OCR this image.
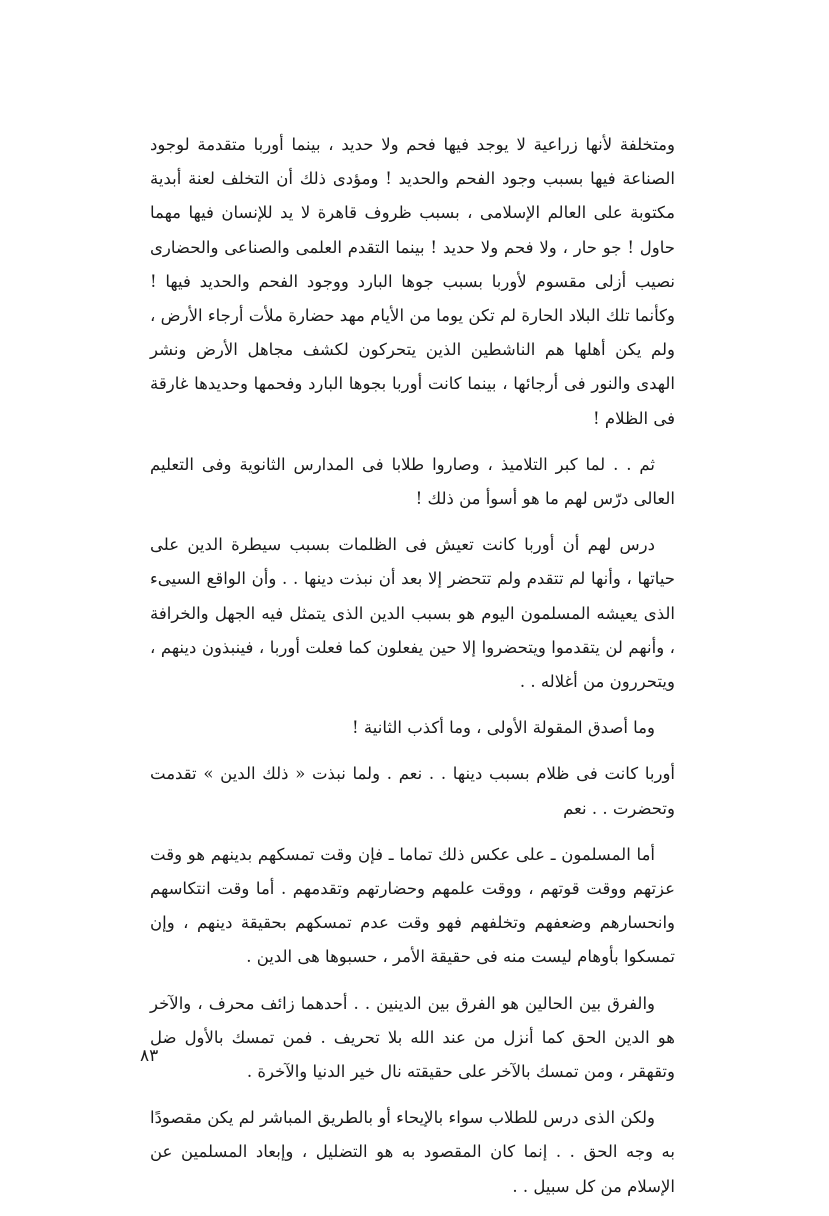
ومتخلفة لأنها زراعية لا يوجد فيها فحم ولا حديد ، بينما أوربا متقدمة لوجود الصناعة فيها بسبب وجود الفحم والحديد ! ومؤدى ذلك أن التخلف لعنة أبدية مكتوبة على العالم الإسلامى ، بسبب ظروف قاهرة لا يد للإنسان فيها مهما حاول ! جو حار ، ولا فحم ولا حديد ! بينما التقدم العلمى والصناعى والحضارى نصيب أزلى مقسوم لأوربا بسبب جوها البارد ووجود الفحم والحديد فيها ! وكأنما تلك البلاد الحارة لم تكن يوما من الأيام مهد حضارة ملأت أرجاء الأرض ، ولم يكن أهلها هم الناشطين الذين يتحركون لكشف مجاهل الأرض ونشر الهدى والنور فى أرجائها ، بينما كانت أوربا بجوها البارد وفحمها وحديدها غارقة فى الظلام !

ثم . . لما كبر التلاميذ ، وصاروا طلابا فى المدارس الثانوية وفى التعليم العالى درّس لهم ما هو أسوأ من ذلك !

درس لهم أن أوربا كانت تعيش فى الظلمات بسبب سيطرة الدين على حياتها ، وأنها لم تتقدم ولم تتحضر إلا بعد أن نبذت دينها . . وأن الواقع السيىء الذى يعيشه المسلمون اليوم هو بسبب الدين الذى يتمثل فيه الجهل والخرافة ، وأنهم لن يتقدموا ويتحضروا إلا حين يفعلون كما فعلت أوربا ، فينبذون دينهم ، ويتحررون من أغلاله . .

وما أصدق المقولة الأولى ، وما أكذب الثانية !

أوربا كانت فى ظلام بسبب دينها . . نعم . ولما نبذت « ذلك الدين » تقدمت وتحضرت . . نعم

أما المسلمون ـ على عكس ذلك تماما ـ فإن وقت تمسكهم بدينهم هو وقت عزتهم ووقت قوتهم ، ووقت علمهم وحضارتهم وتقدمهم . أما وقت انتكاسهم وانحسارهم وضعفهم وتخلفهم فهو وقت عدم تمسكهم بحقيقة دينهم ، وإن تمسكوا بأوهام ليست منه فى حقيقة الأمر ، حسبوها هى الدين .

والفرق بين الحالين هو الفرق بين الدينين . . أحدهما زائف محرف ، والآخر هو الدين الحق كما أنزل من عند الله بلا تحريف . فمن تمسك بالأول ضل وتقهقر ، ومن تمسك بالآخر على حقيقته نال خير الدنيا والآخرة .

ولكن الذى درس للطلاب سواء بالإيحاء أو بالطريق المباشر لم يكن مقصودًا به وجه الحق . . إنما كان المقصود به هو التضليل ، وإبعاد المسلمين عن الإسلام من كل سبيل . .

٨٣
